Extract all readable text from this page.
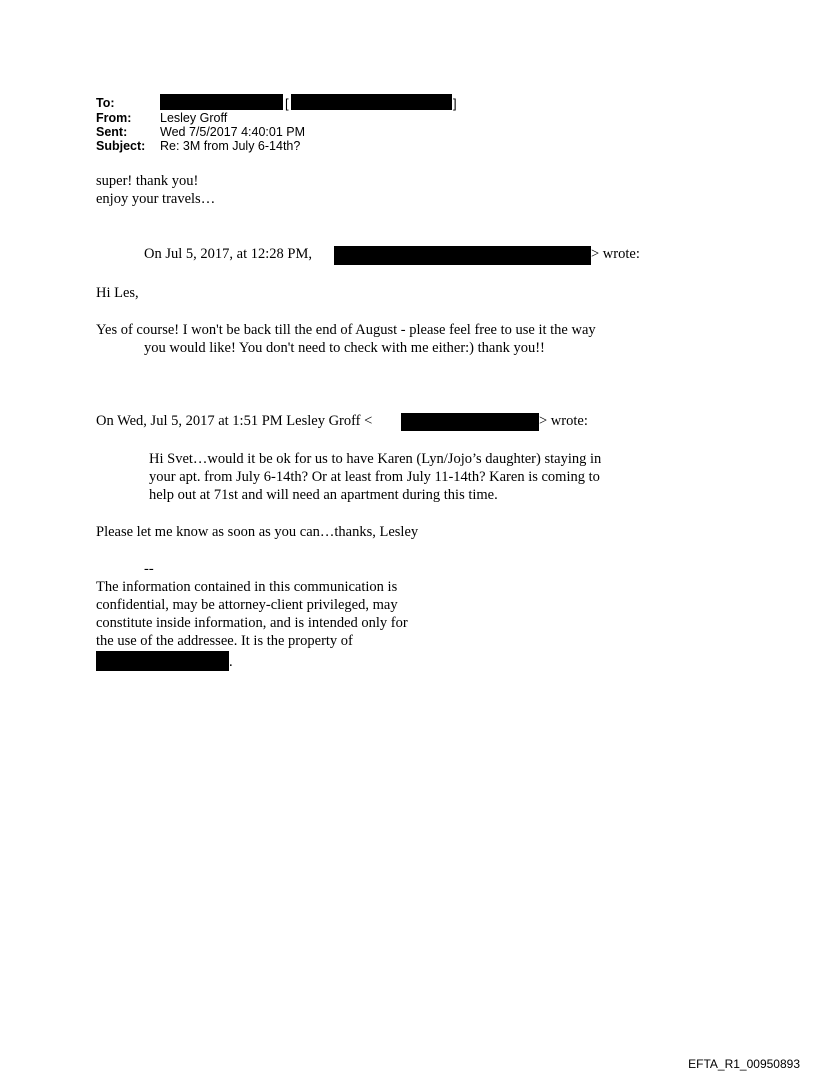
To:	[	]
From: Lesley Groff
Sent:	Wed 7/5/2017 4:40:01 PM
Subject: Re: 3M from July 6-14th?
super! thank you!
enjoy your travels…
On Jul 5, 2017, at 12:28 PM,	> wrote:
Hi Les,
Yes of course! I won't be back till the end of August - please feel free to use it the way
you would like! You don't need to check with me either:) thank you!!
On Wed, Jul 5, 2017 at 1:51 PM Lesley Groff <	> wrote:
Hi Svet…would it be ok for us to have Karen (Lyn/Jojo’s daughter) staying in
your apt. from July 6-14th? Or at least from July 11-14th? Karen is coming to
help out at 71st and will need an apartment during this time.
Please let me know as soon as you can…thanks, Lesley
--
The information contained in this communication is
confidential, may be attorney-client privileged, may
constitute inside information, and is intended only for
the use of the addressee. It is the property of
.
EFTA_R1_00950893
